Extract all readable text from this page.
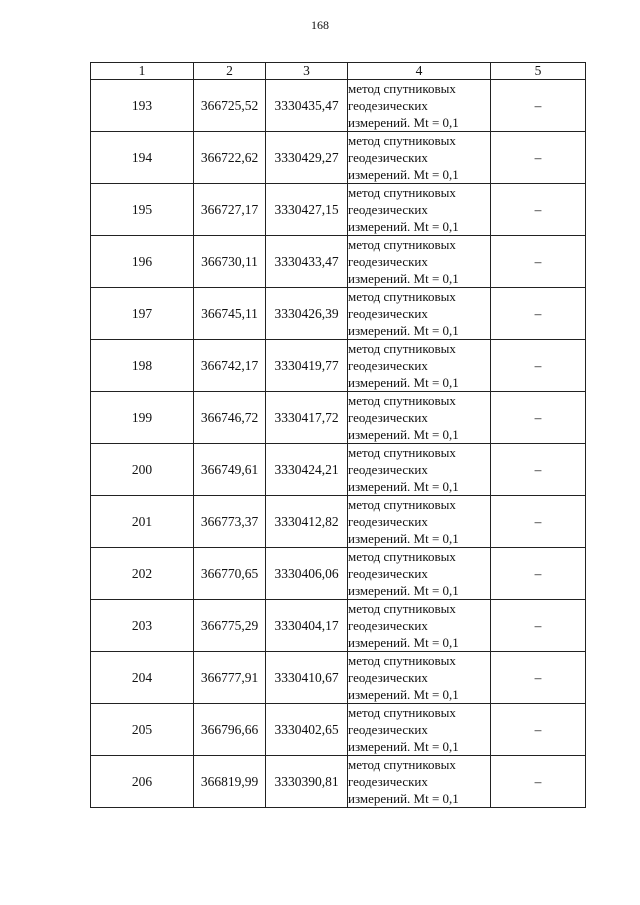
168
1	2	3	4	5
193	366725,52	3330435,47	метод спутниковых
геодезических
измерений. Mt = 0,1	–
194	366722,62	3330429,27	метод спутниковых
геодезических
измерений. Mt = 0,1	–
195	366727,17	3330427,15	метод спутниковых
геодезических
измерений. Mt = 0,1	–
196	366730,11	3330433,47	метод спутниковых
геодезических
измерений. Mt = 0,1	–
197	366745,11	3330426,39	метод спутниковых
геодезических
измерений. Mt = 0,1	–
198	366742,17	3330419,77	метод спутниковых
геодезических
измерений. Mt = 0,1	–
199	366746,72	3330417,72	метод спутниковых
геодезических
измерений. Mt = 0,1	–
200	366749,61	3330424,21	метод спутниковых
геодезических
измерений. Mt = 0,1	–
201	366773,37	3330412,82	метод спутниковых
геодезических
измерений. Mt = 0,1	–
202	366770,65	3330406,06	метод спутниковых
геодезических
измерений. Mt = 0,1	–
203	366775,29	3330404,17	метод спутниковых
геодезических
измерений. Mt = 0,1	–
204	366777,91	3330410,67	метод спутниковых
геодезических
измерений. Mt = 0,1	–
205	366796,66	3330402,65	метод спутниковых
геодезических
измерений. Mt = 0,1	–
206	366819,99	3330390,81	метод спутниковых
геодезических
измерений. Mt = 0,1	–
